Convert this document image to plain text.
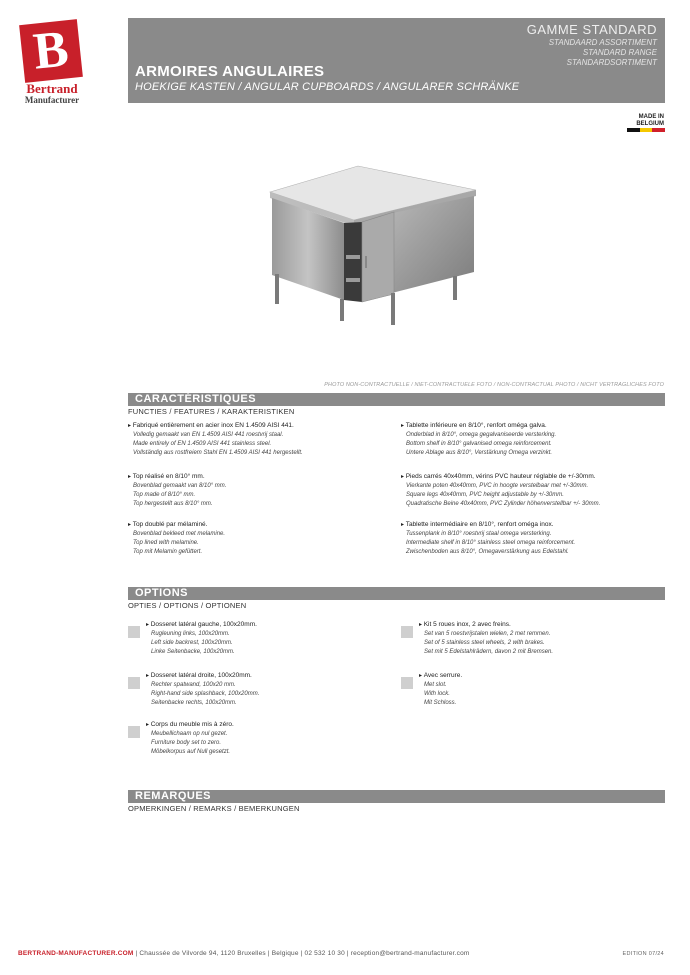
B
Bertrand
Manufacturer
GAMME STANDARD
STANDAARD ASSORTIMENT
STANDARD RANGE
STANDARDSORTIMENT
ARMOIRES ANGULAIRES
HOEKIGE KASTEN / ANGULAR CUPBOARDS / ANGULARER SCHRÄNKE
MADE IN
BELGIUM
PHOTO NON-CONTRACTUELLE / NIET-CONTRACTUELE FOTO / NON-CONTRACTUAL PHOTO / NICHT VERTRAGLICHES FOTO
CARACTÉRISTIQUES
FUNCTIES / FEATURES / KARAKTERISTIKEN
▸ Fabriqué entièrement en acier inox EN 1.4509 AISI 441.
Volledig gemaakt van EN 1.4509 AISI 441 roestvrij staal.
Made entirely of EN 1.4509 AISI 441 stainless steel.
Vollständig aus rostfreiem Stahl EN 1.4509 AISI 441 hergestellt.
▸ Top réalisé en 8/10° mm.
Bovenblad gemaakt van 8/10° mm.
Top made of 8/10° mm.
Top hergestellt aus 8/10° mm.
▸ Top doublé par mélaminé.
Bovenblad bekleed met melamine.
Top lined with melamine.
Top mit Melamin gefüttert.
▸ Tablette inférieure en 8/10°, renfort oméga galva.
Onderblad in 8/10°, omega gegalvaniseerde versterking.
Bottom shelf in 8/10° galvanised omega reinforcement.
Untere Ablage aus 8/10°, Verstärkung Omega verzinkt.
▸ Pieds carrés 40x40mm, vérins PVC hauteur réglable de +/-30mm.
Vierkante poten 40x40mm, PVC in hoogte verstelbaar met +/-30mm.
Square legs 40x40mm, PVC height adjustable by +/-30mm.
Quadratische Beine 40x40mm, PVC Zylinder höhenverstellbar +/- 30mm.
▸ Tablette intermédiaire en 8/10°, renfort oméga inox.
Tussenplank in 8/10° roestvrij staal omega versterking.
Intermediate shelf in 8/10° stainless steel omega reinforcement.
Zwischenboden aus 8/10°, Omegaverstärkung aus Edelstahl.
OPTIONS
OPTIES / OPTIONS / OPTIONEN
▸ Dosseret latéral gauche, 100x20mm.
Rugleuning links, 100x20mm.
Left side backrest, 100x20mm.
Linke Seitenbacke, 100x20mm.
▸ Dosseret latéral droite, 100x20mm.
Rechter spatwand, 100x20 mm.
Right-hand side splashback, 100x20mm.
Seitenbacke rechts, 100x20mm.
▸ Corps du meuble mis à zéro.
Meubellichaam op nul gezet.
Furniture body set to zero.
Möbelkorpus auf Null gesetzt.
▸ Kit 5 roues inox, 2 avec freins.
Set van 5 roestvrijstalen wielen, 2 met remmen.
Set of 5 stainless steel wheels, 2 with brakes.
Set mit 5 Edelstahlrädern, davon 2 mit Bremsen.
▸ Avec serrure.
Met slot.
With lock.
Mit Schloss.
REMARQUES
OPMERKINGEN / REMARKS / BEMERKUNGEN
BERTRAND-MANUFACTURER.COM | Chaussée de Vilvorde 94, 1120 Bruxelles | Belgique | 02 532 10 30 | reception@bertrand-manufacturer.com	EDITION 07/24
